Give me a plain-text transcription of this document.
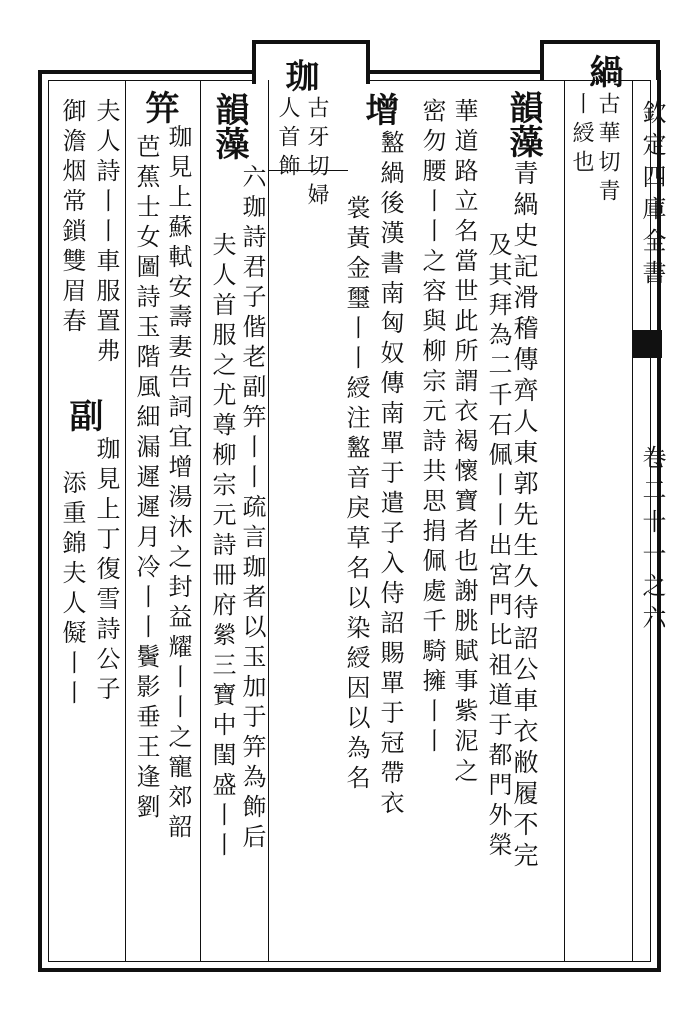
欽定四庫全書
卷二十一之六
緺
古華切青
丨綬也
韻藻
青緺史記滑稽傳齊人東郭先生久待詔公車衣敝履不完
及其拜為二千石佩丨丨出宮門比祖道于都門外榮
華道路立名當世此所謂衣褐懷寶者也謝朓賦事紫泥之
密勿腰丨丨之容與柳宗元詩共思捐佩處千騎擁丨丨
增
盭緺後漢書南匈奴傳南單于遣子入侍詔賜單于冠帶衣
裳黃金璽丨丨綬注盭音戾草名以染綬因以為名
珈
古牙切婦
人首飾
韻藻
六珈詩君子偕老副笄丨丨疏言珈者以玉加于笄為飾后
夫人首服之尤尊柳宗元詩冊府縈三寶中閨盛丨丨
笄
珈見上蘇軾安壽妻告詞宜增湯沐之封益耀丨丨之寵郊韶
芭蕉士女圖詩玉階風細漏遲遲月冷丨丨鬢影垂王逢劉
夫人詩丨丨車服置弗
副
珈見上丁復雪詩公子
御澹烟常鎖雙眉春
添重錦夫人儗丨丨
